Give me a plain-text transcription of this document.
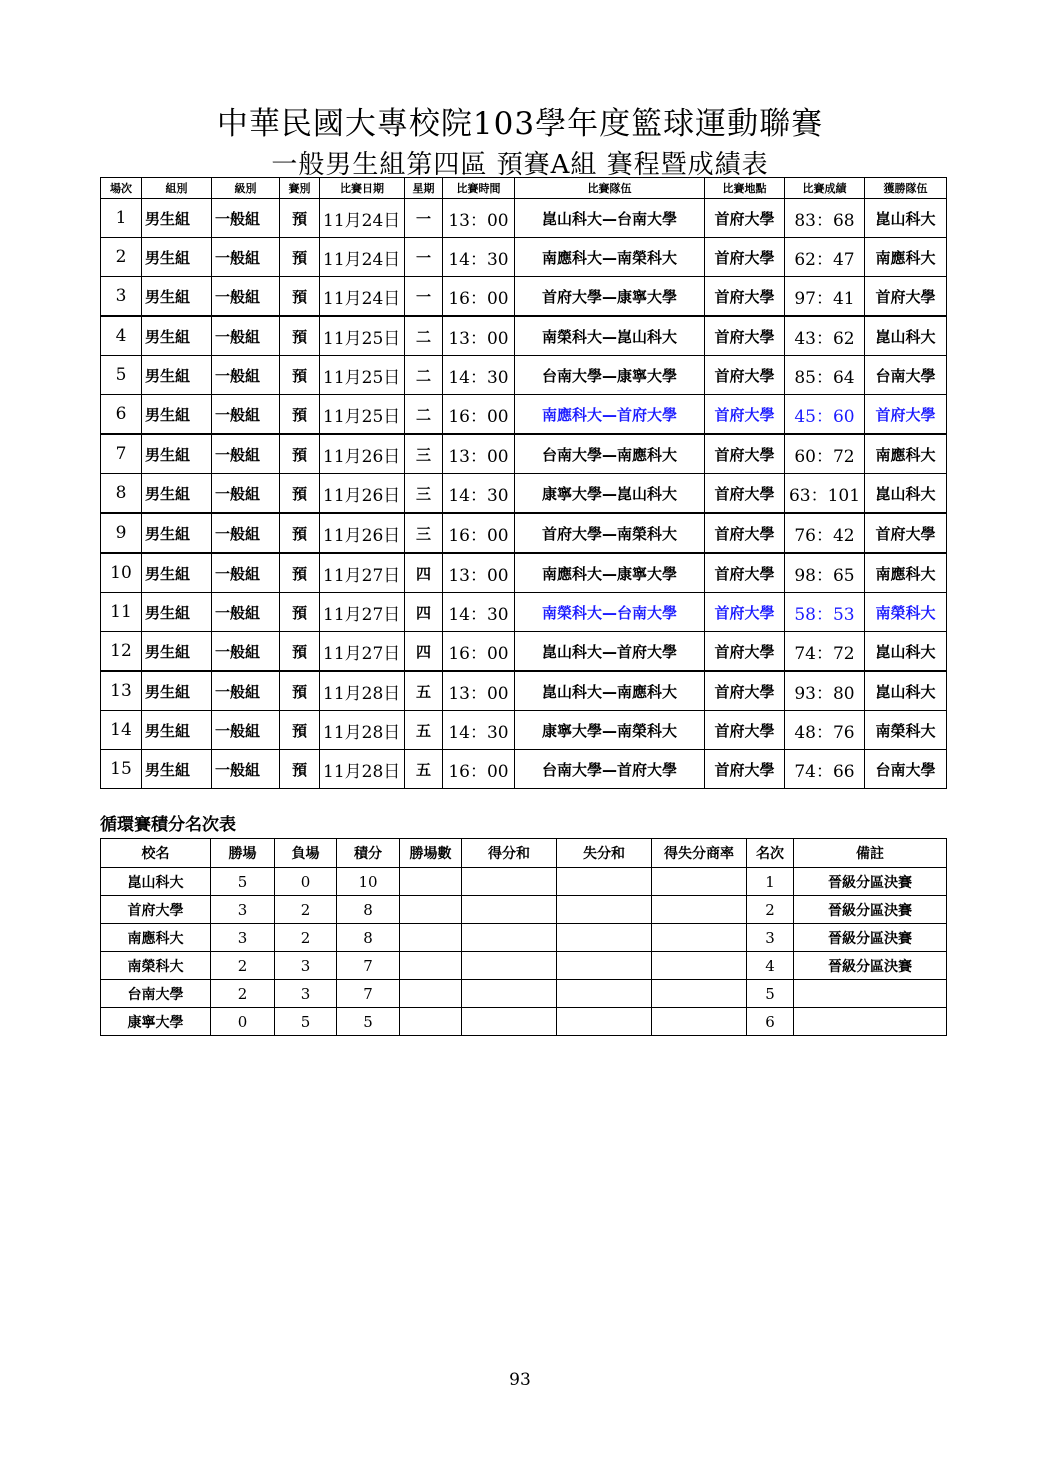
中華民國大專校院103學年度籃球運動聯賽
一般男生組第四區 預賽A組 賽程暨成績表
場次	組別	級別	賽別	比賽日期	星期	比賽時間	比賽隊伍	比賽地點	比賽成績	獲勝隊伍
1	男生組	一般組	預	11月24日	一	13：00	崑山科大—台南大學	首府大學	83：68	崑山科大
2	男生組	一般組	預	11月24日	一	14：30	南應科大—南榮科大	首府大學	62：47	南應科大
3	男生組	一般組	預	11月24日	一	16：00	首府大學—康寧大學	首府大學	97：41	首府大學
4	男生組	一般組	預	11月25日	二	13：00	南榮科大—崑山科大	首府大學	43：62	崑山科大
5	男生組	一般組	預	11月25日	二	14：30	台南大學—康寧大學	首府大學	85：64	台南大學
6	男生組	一般組	預	11月25日	二	16：00	南應科大—首府大學	首府大學	45：60	首府大學
7	男生組	一般組	預	11月26日	三	13：00	台南大學—南應科大	首府大學	60：72	南應科大
8	男生組	一般組	預	11月26日	三	14：30	康寧大學—崑山科大	首府大學	63：101	崑山科大
9	男生組	一般組	預	11月26日	三	16：00	首府大學—南榮科大	首府大學	76：42	首府大學
10	男生組	一般組	預	11月27日	四	13：00	南應科大—康寧大學	首府大學	98：65	南應科大
11	男生組	一般組	預	11月27日	四	14：30	南榮科大—台南大學	首府大學	58：53	南榮科大
12	男生組	一般組	預	11月27日	四	16：00	崑山科大—首府大學	首府大學	74：72	崑山科大
13	男生組	一般組	預	11月28日	五	13：00	崑山科大—南應科大	首府大學	93：80	崑山科大
14	男生組	一般組	預	11月28日	五	14：30	康寧大學—南榮科大	首府大學	48：76	南榮科大
15	男生組	一般組	預	11月28日	五	16：00	台南大學—首府大學	首府大學	74：66	台南大學
循環賽積分名次表
校名	勝場	負場	積分	勝場數	得分和	失分和	得失分商率	名次	備註
崑山科大	5	0	10					1	晉級分區決賽
首府大學	3	2	8					2	晉級分區決賽
南應科大	3	2	8					3	晉級分區決賽
南榮科大	2	3	7					4	晉級分區決賽
台南大學	2	3	7					5	
康寧大學	0	5	5					6	
93
